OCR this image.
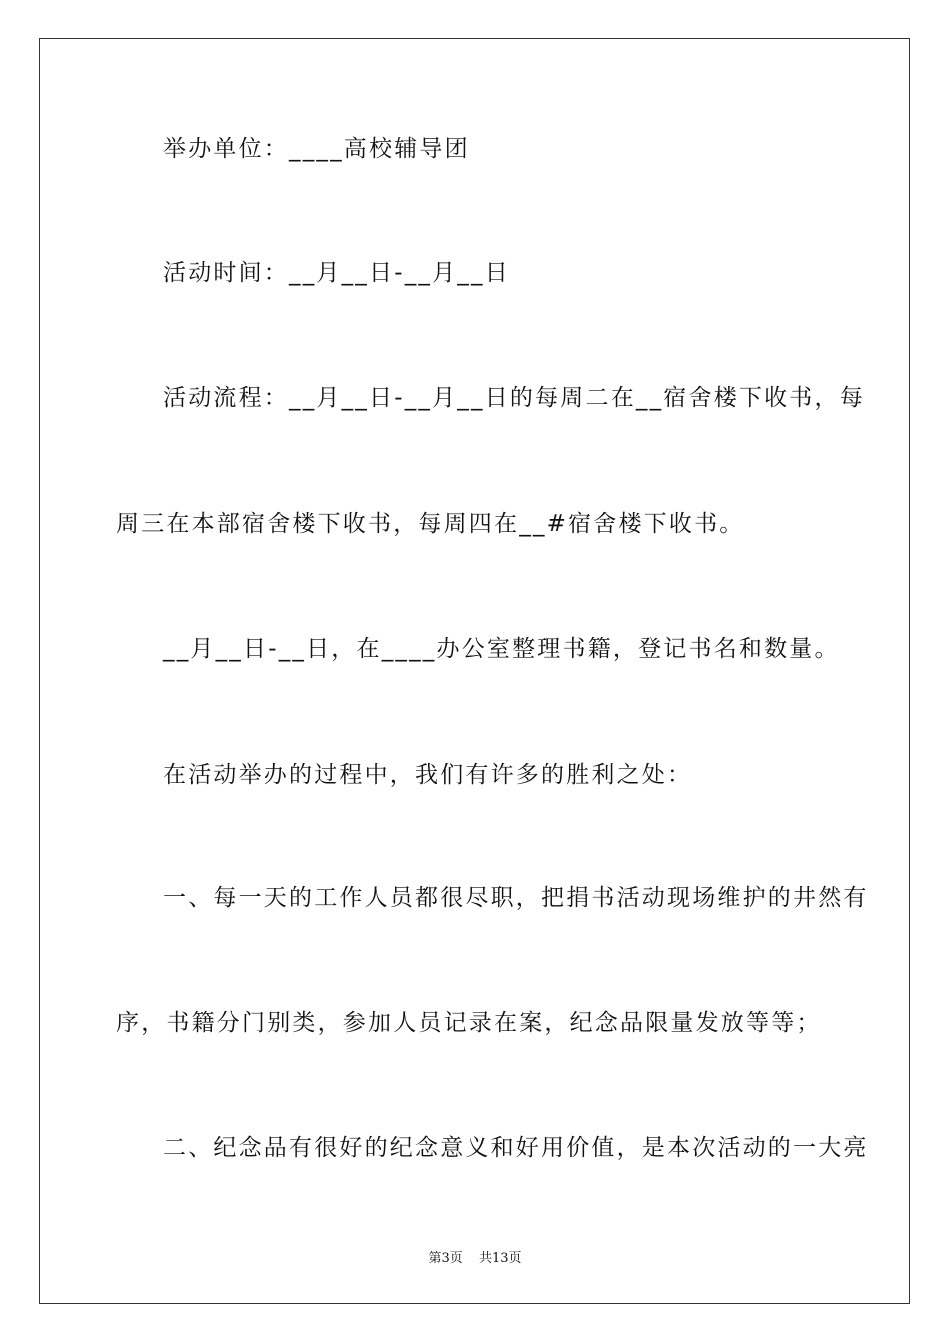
举办单位：____高校辅导团
活动时间：__月__日-__月__日
活动流程：__月__日-__月__日的每周二在__宿舍楼下收书，每
周三在本部宿舍楼下收书，每周四在__#宿舍楼下收书。
__月__日-__日，在____办公室整理书籍，登记书名和数量。
在活动举办的过程中，我们有许多的胜利之处：
一、每一天的工作人员都很尽职，把捐书活动现场维护的井然有
序，书籍分门别类，参加人员记录在案，纪念品限量发放等等；
二、纪念品有很好的纪念意义和好用价值，是本次活动的一大亮
第3页 共13页
